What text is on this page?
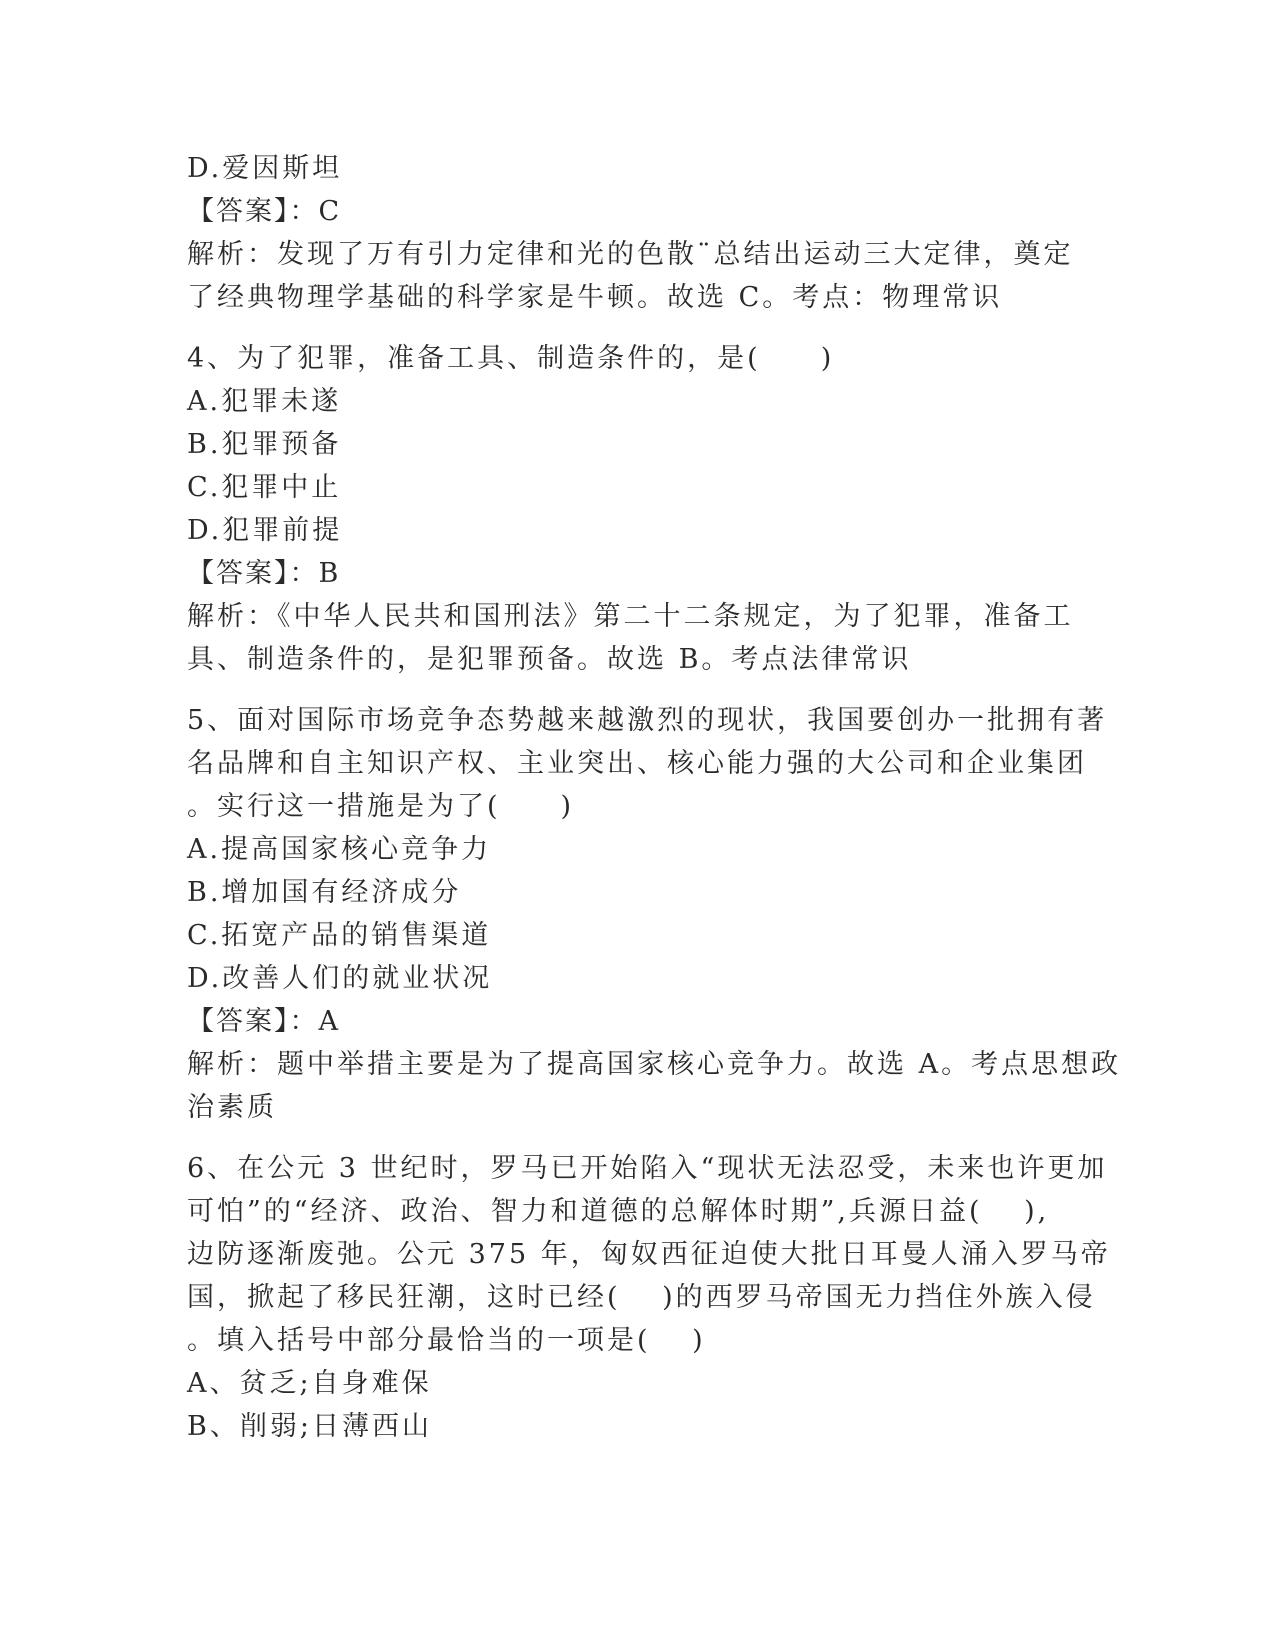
D.爱因斯坦
【答案】：C
解析：发现了万有引力定律和光的色散¨总结出运动三大定律，奠定
了经典物理学基础的科学家是牛顿。故选 C。考点：物理常识
4、为了犯罪，准备工具、制造条件的，是(　　)
A.犯罪未遂
B.犯罪预备
C.犯罪中止
D.犯罪前提
【答案】：B
解析：《中华人民共和国刑法》第二十二条规定，为了犯罪，准备工
具、制造条件的，是犯罪预备。故选 B。考点法律常识
5、面对国际市场竞争态势越来越激烈的现状，我国要创办一批拥有著
名品牌和自主知识产权、主业突出、核心能力强的大公司和企业集团
。实行这一措施是为了(　　)
A.提高国家核心竞争力
B.增加国有经济成分
C.拓宽产品的销售渠道
D.改善人们的就业状况
【答案】：A
解析：题中举措主要是为了提高国家核心竞争力。故选 A。考点思想政
治素质
6、在公元 3 世纪时，罗马已开始陷入“现状无法忍受，未来也许更加
可怕”的“经济、政治、智力和道德的总解体时期”,兵源日益(　 ),
边防逐渐废弛。公元 375 年，匈奴西征迫使大批日耳曼人涌入罗马帝
国，掀起了移民狂潮，这时已经(　 )的西罗马帝国无力挡住外族入侵
。填入括号中部分最恰当的一项是(　 )
A、贫乏;自身难保
B、削弱;日薄西山
